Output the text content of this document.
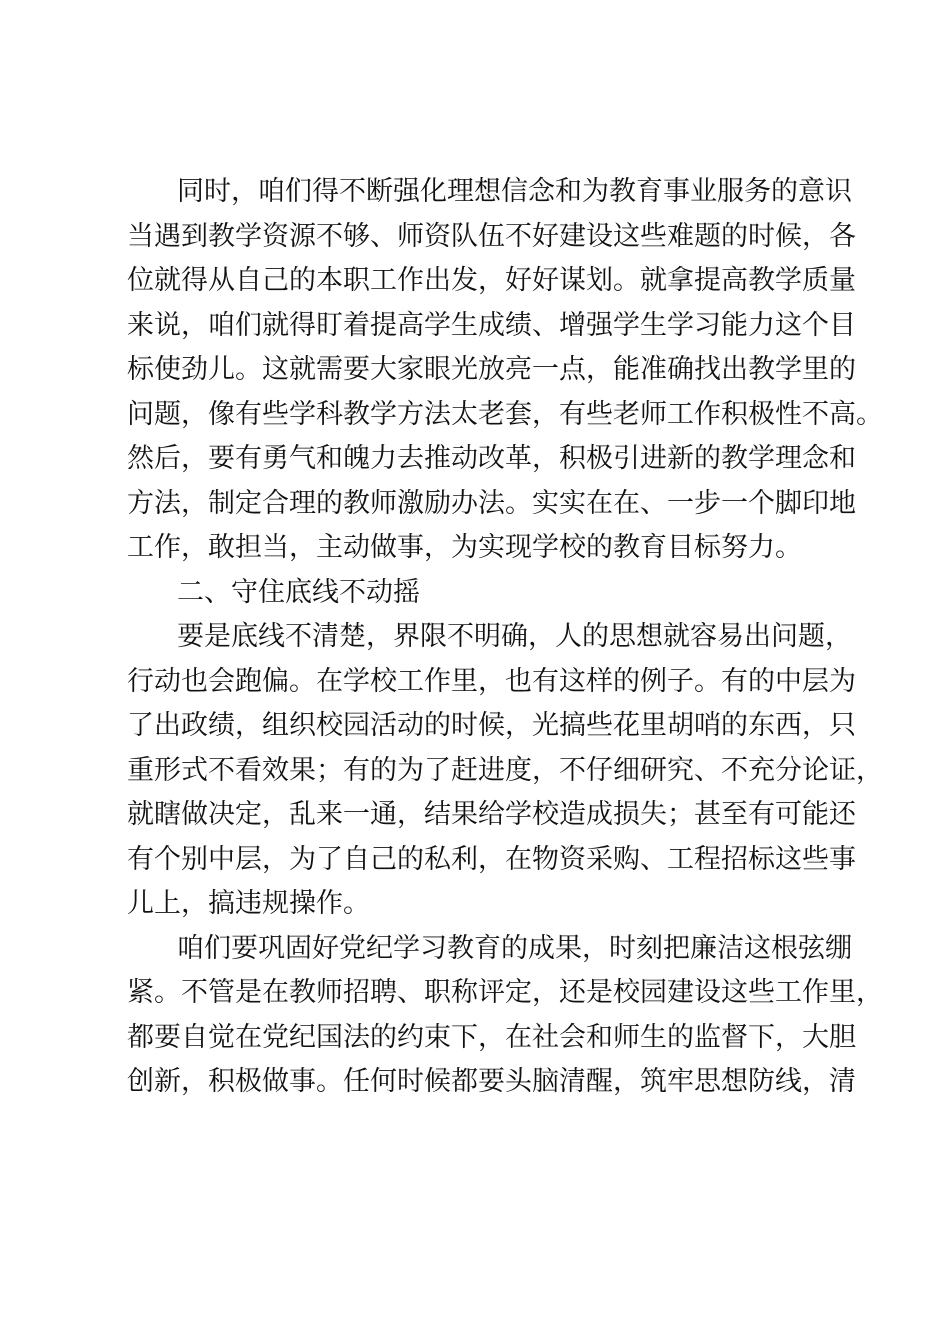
同时，咱们得不断强化理想信念和为教育事业服务的意识
当遇到教学资源不够、师资队伍不好建设这些难题的时候，各
位就得从自己的本职工作出发，好好谋划。就拿提高教学质量
来说，咱们就得盯着提高学生成绩、增强学生学习能力这个目
标使劲儿。这就需要大家眼光放亮一点，能准确找出教学里的
问题，像有些学科教学方法太老套，有些老师工作积极性不高。
然后，要有勇气和魄力去推动改革，积极引进新的教学理念和
方法，制定合理的教师激励办法。实实在在、一步一个脚印地
工作，敢担当，主动做事，为实现学校的教育目标努力。
二、守住底线不动摇
要是底线不清楚，界限不明确，人的思想就容易出问题，
行动也会跑偏。在学校工作里，也有这样的例子。有的中层为
了出政绩，组织校园活动的时候，光搞些花里胡哨的东西，只
重形式不看效果；有的为了赶进度，不仔细研究、不充分论证，
就瞎做决定，乱来一通，结果给学校造成损失；甚至有可能还
有个别中层，为了自己的私利，在物资采购、工程招标这些事
儿上，搞违规操作。
咱们要巩固好党纪学习教育的成果，时刻把廉洁这根弦绷
紧。不管是在教师招聘、职称评定，还是校园建设这些工作里，
都要自觉在党纪国法的约束下，在社会和师生的监督下，大胆
创新，积极做事。任何时候都要头脑清醒，筑牢思想防线，清
